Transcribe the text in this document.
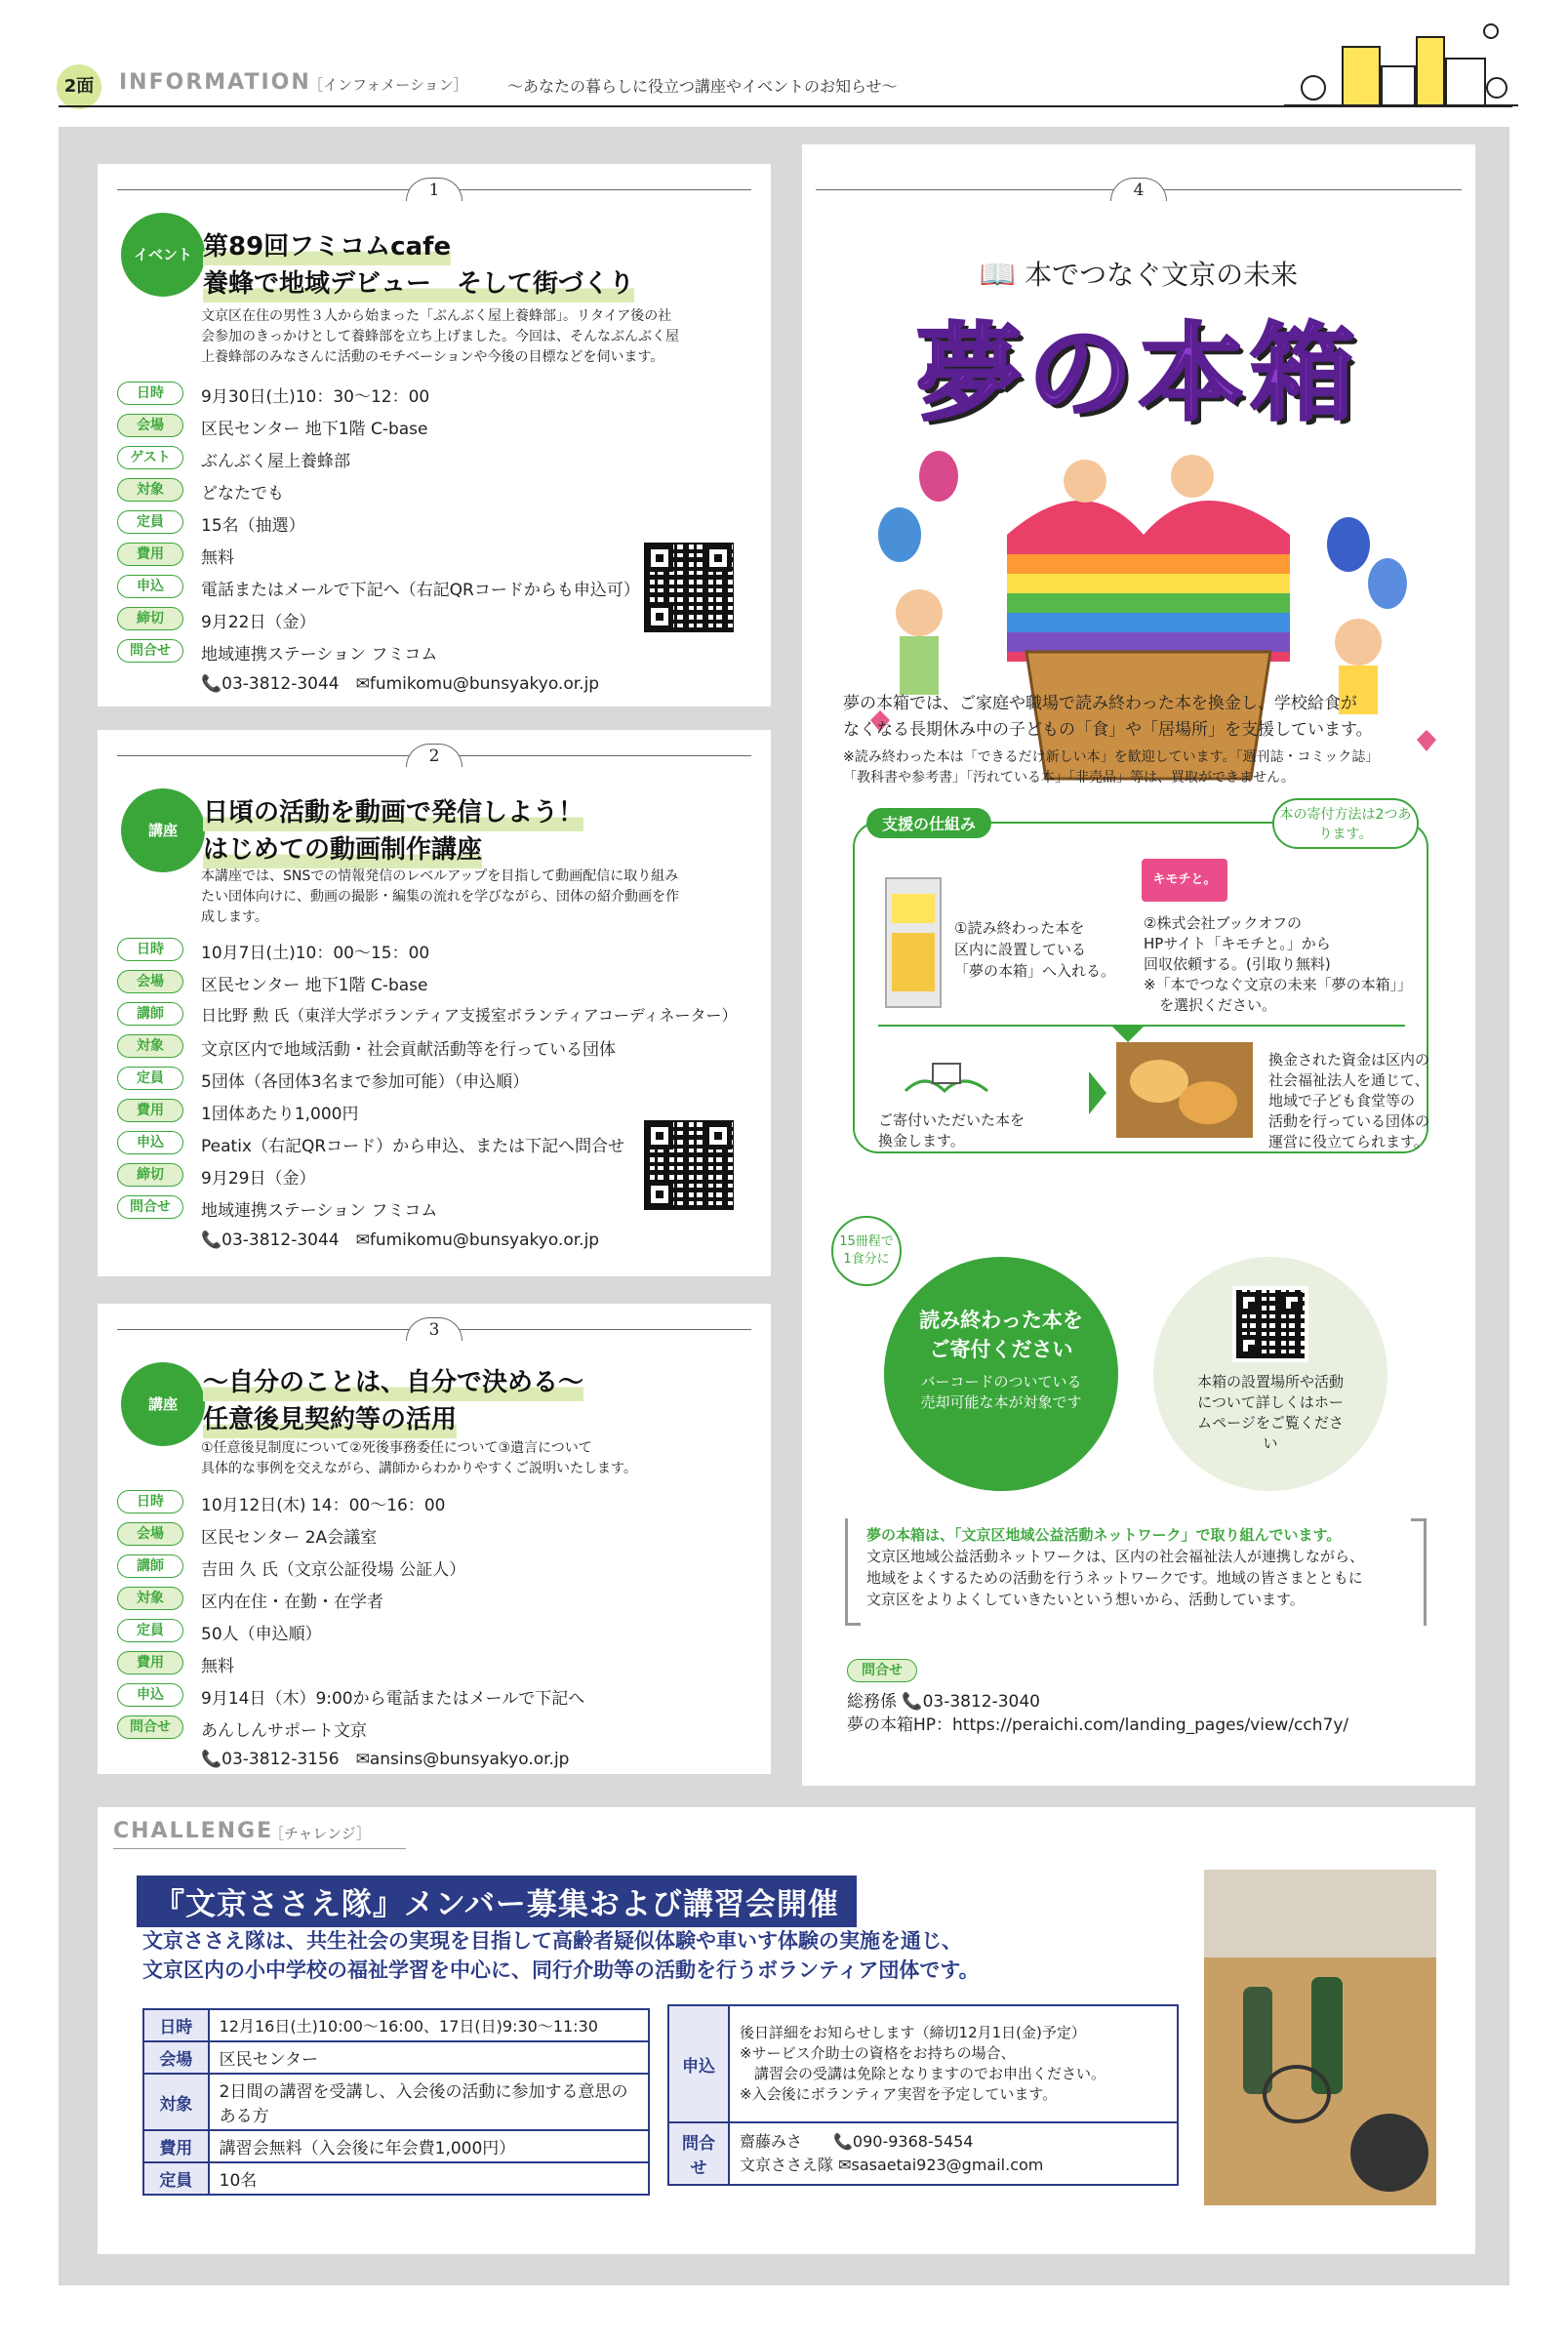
2面	INFORMATION
［インフォメーション］	～あなたの暮らしに役立つ講座やイベントのお知らせ～
1
イベント 第89回フミコムcafe
養蜂で地域デビュー　そして街づくり
文京区在住の男性３人から始まった「ぶんぶく屋上養蜂部」。リタイア後の社
会参加のきっかけとして養蜂部を立ち上げました。今回は、そんなぶんぶく屋
上養蜂部のみなさんに活動のモチベーションや今後の目標などを伺います。
日時	9月30日(土)10：30～12：00
会場	区民センター 地下1階 C-base
ゲスト	ぶんぶく屋上養蜂部
対象	どなたでも
定員	15名（抽選）
費用	無料
申込	電話またはメールで下記へ（右記QRコードからも申込可）
締切	9月22日（金）
問合せ	地域連携ステーション フミコム
📞03-3812-3044　✉fumikomu@bunsyakyo.or.jp
2
講座
日頃の活動を動画で発信しよう！
はじめての動画制作講座
本講座では、SNSでの情報発信のレベルアップを目指して動画配信に取り組み
たい団体向けに、動画の撮影・編集の流れを学びながら、団体の紹介動画を作
成します。
日時	10月7日(土)10：00～15：00
会場	区民センター 地下1階 C-base
講師	日比野 勲 氏（東洋大学ボランティア支援室ボランティアコーディネーター）
対象	文京区内で地域活動・社会貢献活動等を行っている団体
定員	5団体（各団体3名まで参加可能）（申込順）
費用	1団体あたり1,000円
申込	Peatix（右記QRコード）から申込、または下記へ問合せ
締切	9月29日（金）
問合せ	地域連携ステーション フミコム
📞03-3812-3044　✉fumikomu@bunsyakyo.or.jp
3
講座
～自分のことは、自分で決める～
任意後見契約等の活用
①任意後見制度について②死後事務委任について③遺言について
具体的な事例を交えながら、講師からわかりやすくご説明いたします。
日時	10月12日(木) 14：00～16：00
会場	区民センター 2A会議室
講師	吉田 久 氏（文京公証役場 公証人）
対象	区内在住・在勤・在学者
定員	50人（申込順）
費用	無料
申込	9月14日（木）9:00から電話またはメールで下記へ
問合せ	あんしんサポート文京
📞03-3812-3156　✉ansins@bunsyakyo.or.jp
4
📖 本でつなぐ文京の未来
夢の本箱
夢の本箱では、ご家庭や職場で読み終わった本を換金し、学校給食が
なくなる長期休み中の子どもの「食」や「居場所」を支援しています。
※読み終わった本は「できるだけ新しい本」を歓迎しています。「週刊誌・コミック誌」
「教科書や参考書」「汚れている本」「非売品」等は、買取ができません。
支援の仕組み	本の寄付方法は2つあります。
①読み終わった本を
区内に設置している
「夢の本箱」へ入れる。
キモチと。
②株式会社ブックオフの
HPサイト「キモチと。」から
回収依頼する。(引取り無料)
※「本でつなぐ文京の未来「夢の本箱」」
を選択ください。
ご寄付いただいた本を
換金します。
換金された資金は区内の
社会福祉法人を通じて、
地域で子ども食堂等の
活動を行っている団体の
運営に役立てられます。
15冊程で1食分に
読み終わった本をご寄付ください
バーコードのついている売却可能な本が対象です
本箱の設置場所や活動について詳しくはホームページをご覧ください
夢の本箱は、「文京区地域公益活動ネットワーク」で取り組んでいます。
文京区地域公益活動ネットワークは、区内の社会福祉法人が連携しながら、
地域をよくするための活動を行うネットワークです。地域の皆さまとともに
文京区をよりよくしていきたいという想いから、活動しています。
問合せ
総務係 📞03-3812-3040
夢の本箱HP：https://peraichi.com/landing_pages/view/cch7y/
CHALLENGE
［チャレンジ］
『文京ささえ隊』メンバー募集および講習会開催
文京ささえ隊は、共生社会の実現を目指して高齢者疑似体験や車いす体験の実施を通じ、
文京区内の小中学校の福祉学習を中心に、同行介助等の活動を行うボランティア団体です。
日時	12月16日(土)10:00～16:00、17日(日)9:30～11:30
会場	区民センター
対象	2日間の講習を受講し、入会後の活動に参加する意思のある方
費用	講習会無料（入会後に年会費1,000円）
定員	10名
申込	後日詳細をお知らせします（締切12月1日(金)予定）
※サービス介助士の資格をお持ちの場合、
　講習会の受講は免除となりますのでお申出ください。
※入会後にボランティア実習を予定しています。

問合せ	齋藤みさ　　📞090-9368-5454
文京ささえ隊 ✉sasaetai923@gmail.com
